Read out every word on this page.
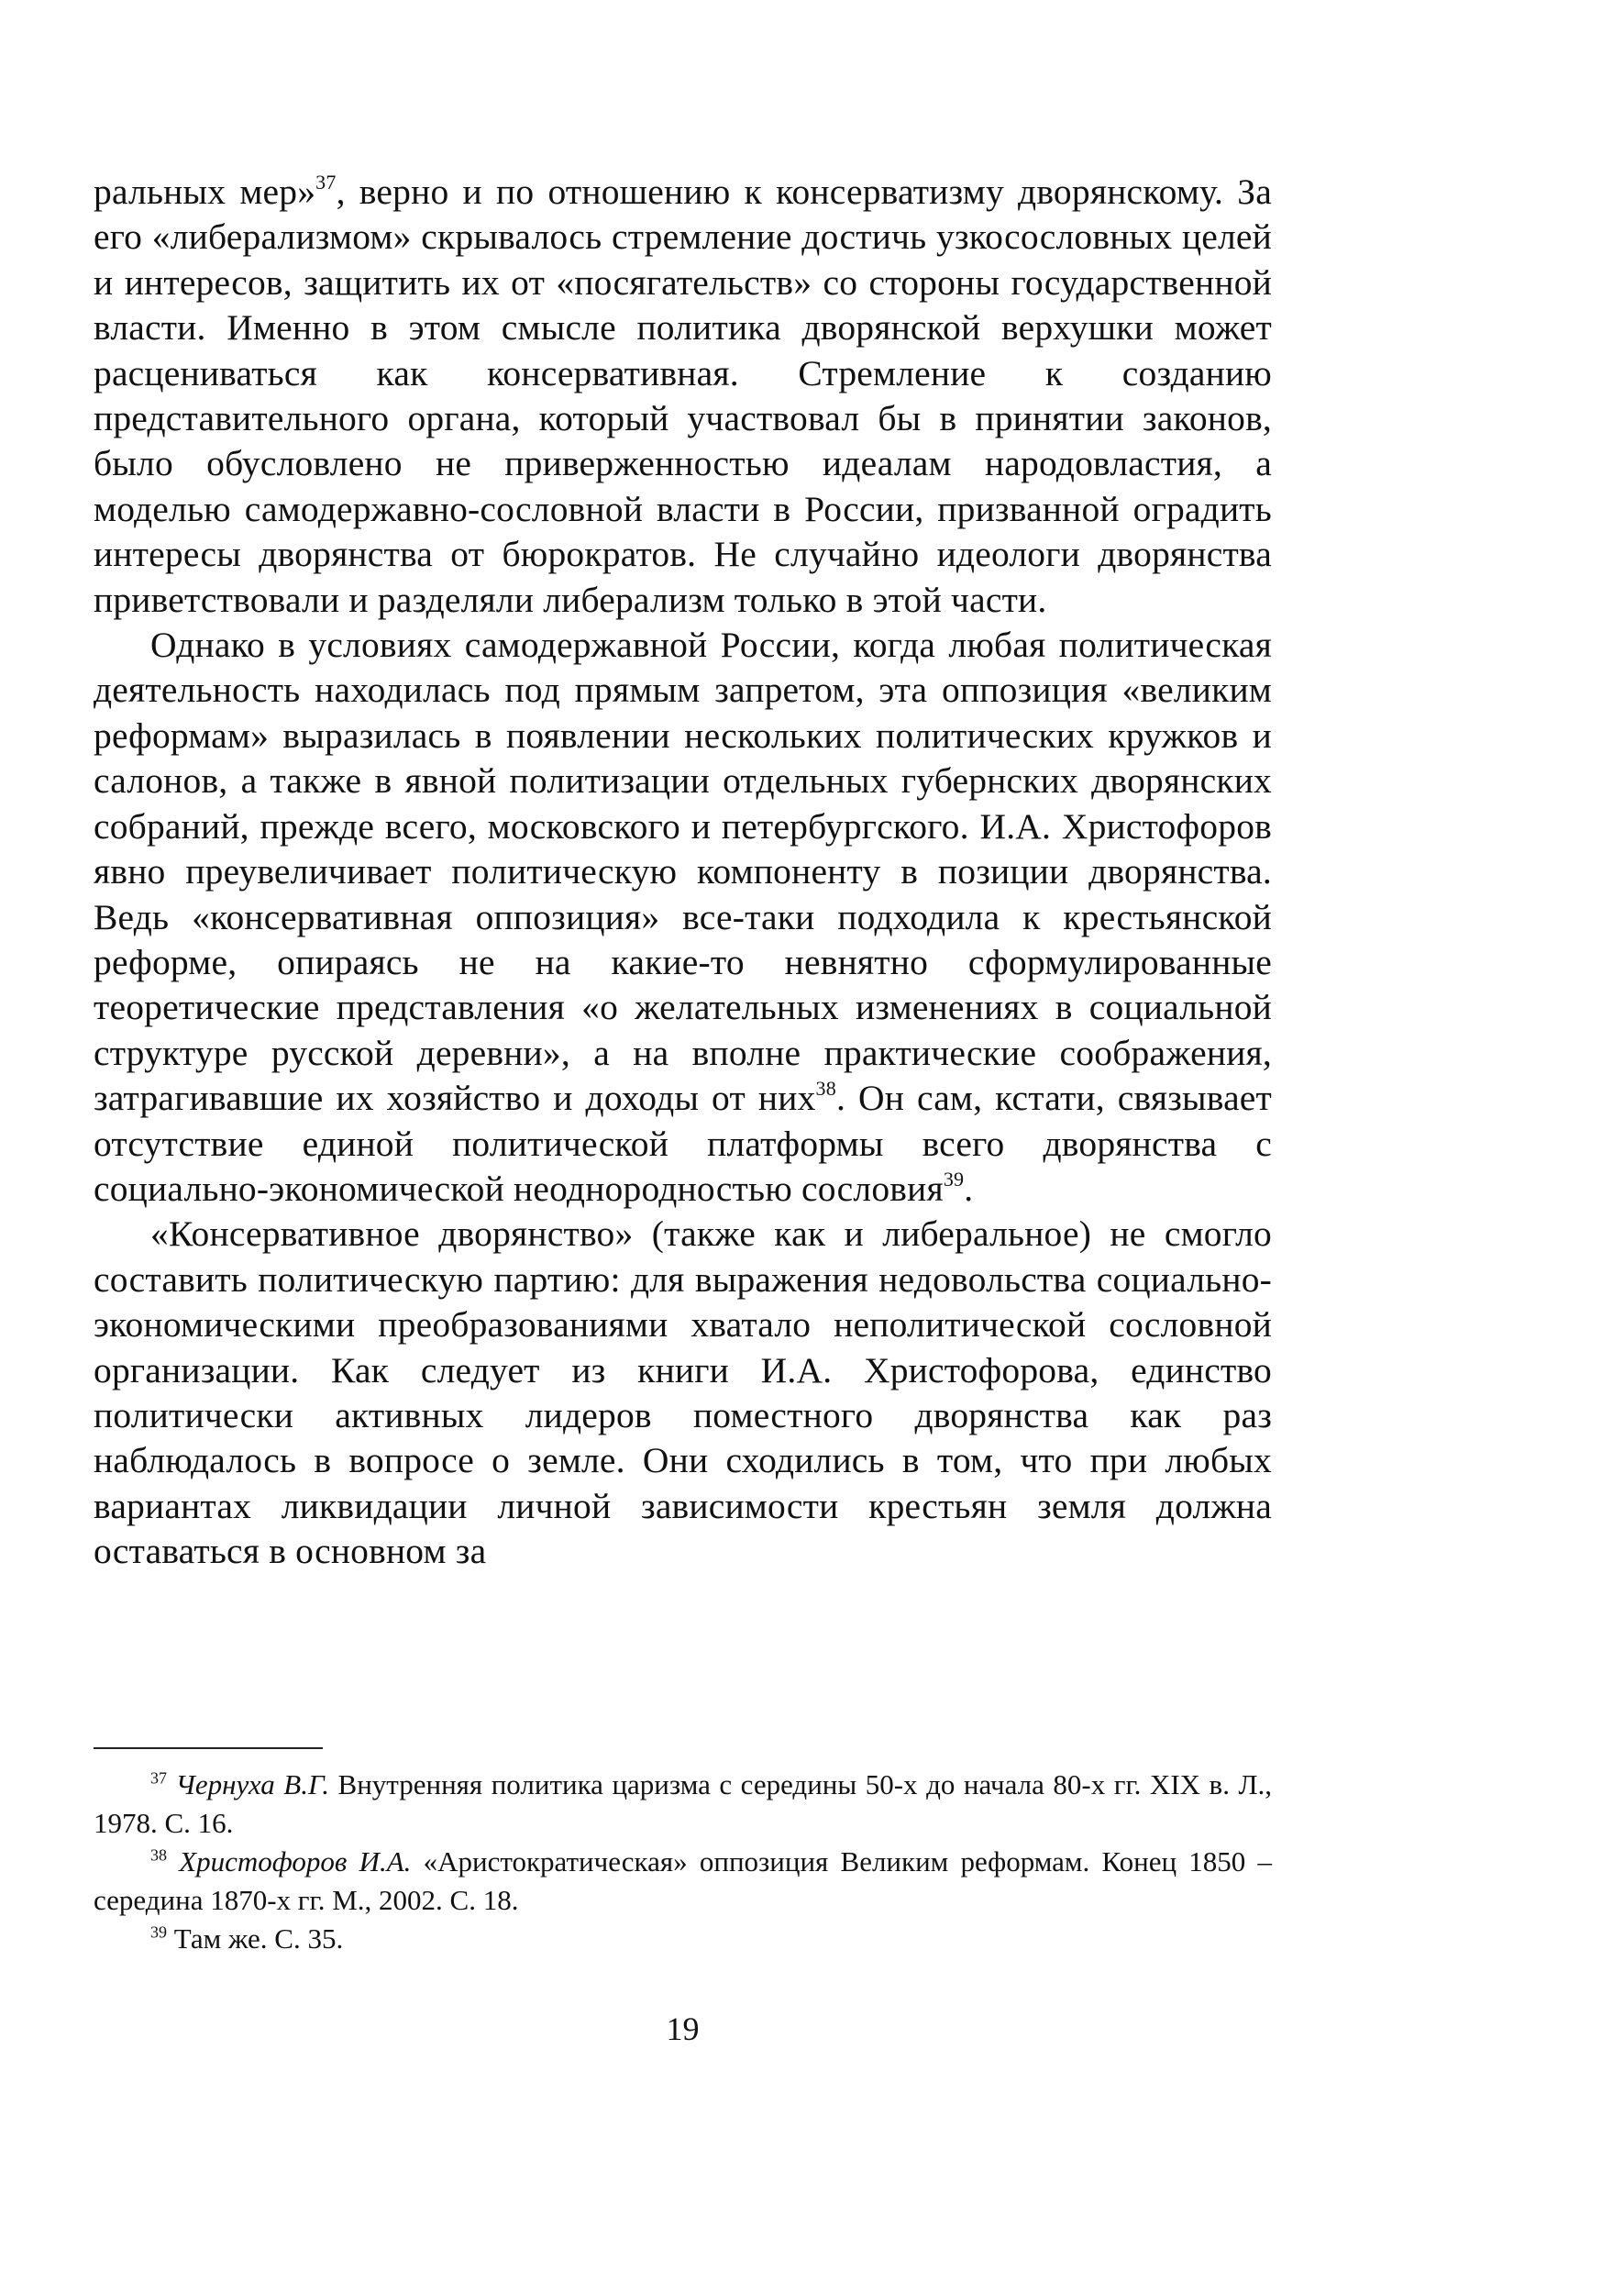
ральных мер»$^{37}$, верно и по отношению к консерватизму дворянскому. За его «либерализмом» скрывалось стремление достичь узкосословных целей и интересов, защитить их от «посягательств» со стороны государственной власти. Именно в этом смысле политика дворянской верхушки может расцениваться как консервативная. Стремление к созданию представительного органа, который участвовал бы в принятии законов, было обусловлено не приверженностью идеалам народовластия, а моделью самодержавно-сословной власти в России, призванной оградить интересы дворянства от бюрократов. Не случайно идеологи дворянства приветствовали и разделяли либерализм только в этой части.

Однако в условиях самодержавной России, когда любая политическая деятельность находилась под прямым запретом, эта оппозиция «великим реформам» выразилась в появлении нескольких политических кружков и салонов, а также в явной политизации отдельных губернских дворянских собраний, прежде всего, московского и петербургского. И.А. Христофоров явно преувеличивает политическую компоненту в позиции дворянства. Ведь «консервативная оппозиция» все-таки подходила к крестьянской реформе, опираясь не на какие-то невнятно сформулированные теоретические представления «о желательных изменениях в социальной структуре русской деревни», а на вполне практические соображения, затрагивавшие их хозяйство и доходы от них$^{38}$. Он сам, кстати, связывает отсутствие единой политической платформы всего дворянства с социально-экономической неоднородностью сословия$^{39}$.

«Консервативное дворянство» (также как и либеральное) не смогло составить политическую партию: для выражения недовольства социально-экономическими преобразованиями хватало неполитической сословной организации. Как следует из книги И.А. Христофорова, единство политически активных лидеров поместного дворянства как раз наблюдалось в вопросе о земле. Они сходились в том, что при любых вариантах ликвидации личной зависимости крестьян земля должна оставаться в основном за

$^{37}$ Чернуха В.Г. Внутренняя политика царизма с середины 50-х до начала 80-х гг. XIX в. Л., 1978. С. 16.

$^{38}$ Христофоров И.А. «Аристократическая» оппозиция Великим реформам. Конец 1850 – середина 1870-х гг. М., 2002. С. 18.

$^{39}$ Там же. С. 35.

19
